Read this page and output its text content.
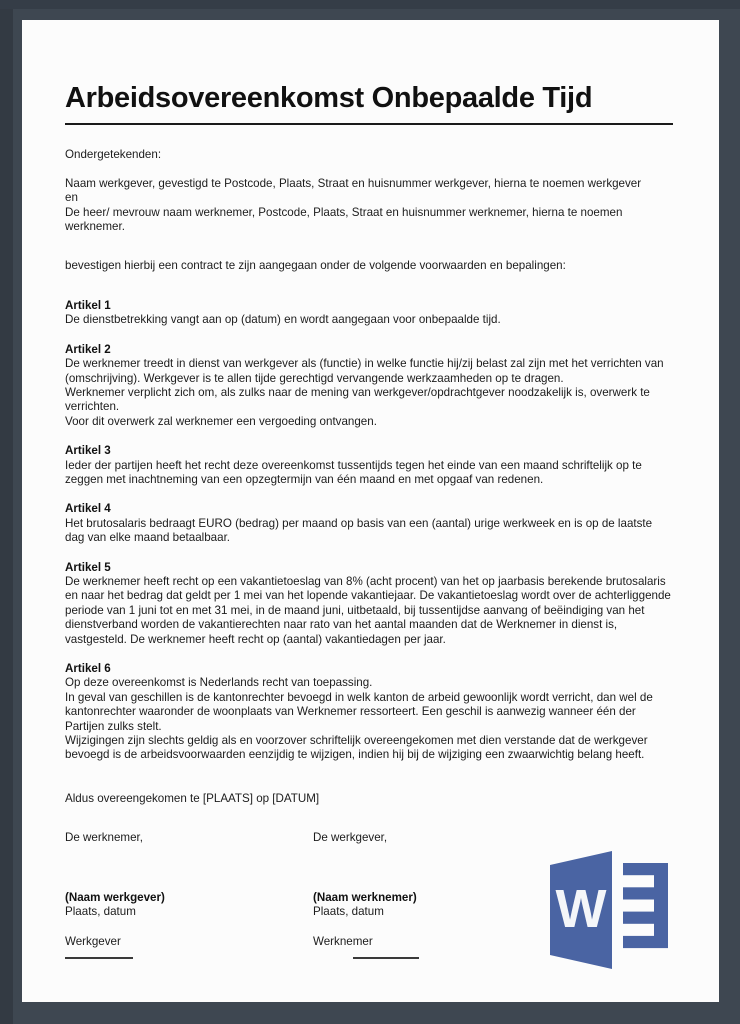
Arbeidsovereenkomst Onbepaalde Tijd
Ondergetekenden:
Naam werkgever, gevestigd te Postcode, Plaats, Straat en huisnummer werkgever, hierna te noemen werkgever
en
De heer/ mevrouw naam werknemer, Postcode, Plaats, Straat en huisnummer werknemer, hierna te noemen werknemer.
bevestigen hierbij een contract te zijn aangegaan onder de volgende voorwaarden en bepalingen:
Artikel 1
De dienstbetrekking vangt aan op (datum) en wordt aangegaan voor onbepaalde tijd.
Artikel 2
De werknemer treedt in dienst van werkgever als (functie) in welke functie hij/zij belast zal zijn met het verrichten van (omschrijving). Werkgever is te allen tijde gerechtigd vervangende werkzaamheden op te dragen.
Werknemer verplicht zich om, als zulks naar de mening van werkgever/opdrachtgever noodzakelijk is, overwerk te verrichten.
Voor dit overwerk zal werknemer een vergoeding ontvangen.
Artikel 3
Ieder der partijen heeft het recht deze overeenkomst tussentijds tegen het einde van een maand schriftelijk op te zeggen met inachtneming van een opzegtermijn van één maand en met opgaaf van redenen.
Artikel 4
Het brutosalaris bedraagt EURO (bedrag) per maand op basis van een (aantal) urige werkweek en is op de laatste dag van elke maand betaalbaar.
Artikel 5
De werknemer heeft recht op een vakantietoeslag van 8% (acht procent) van het op jaarbasis berekende brutosalaris en naar het bedrag dat geldt per 1 mei van het lopende vakantiejaar. De vakantietoeslag wordt over de achterliggende periode van 1 juni tot en met 31 mei, in de maand juni, uitbetaald, bij tussentijdse aanvang of beëindiging van het dienstverband worden de vakantierechten naar rato van het aantal maanden dat de Werknemer in dienst is, vastgesteld. De werknemer heeft recht op (aantal) vakantiedagen per jaar.
Artikel 6
Op deze overeenkomst is Nederlands recht van toepassing.
In geval van geschillen is de kantonrechter bevoegd in welk kanton de arbeid gewoonlijk wordt verricht, dan wel de kantonrechter waaronder de woonplaats van Werknemer ressorteert. Een geschil is aanwezig wanneer één der Partijen zulks stelt.
Wijzigingen zijn slechts geldig als en voorzover schriftelijk overeengekomen met dien verstande dat de werkgever bevoegd is de arbeidsvoorwaarden eenzijdig te wijzigen, indien hij bij de wijziging een zwaarwichtig belang heeft.
Aldus overeengekomen te [PLAATS] op [DATUM]
De werknemer,
(Naam werkgever)
Plaats, datum
Werkgever
De werkgever,
(Naam werknemer)
Plaats, datum
Werknemer
W
